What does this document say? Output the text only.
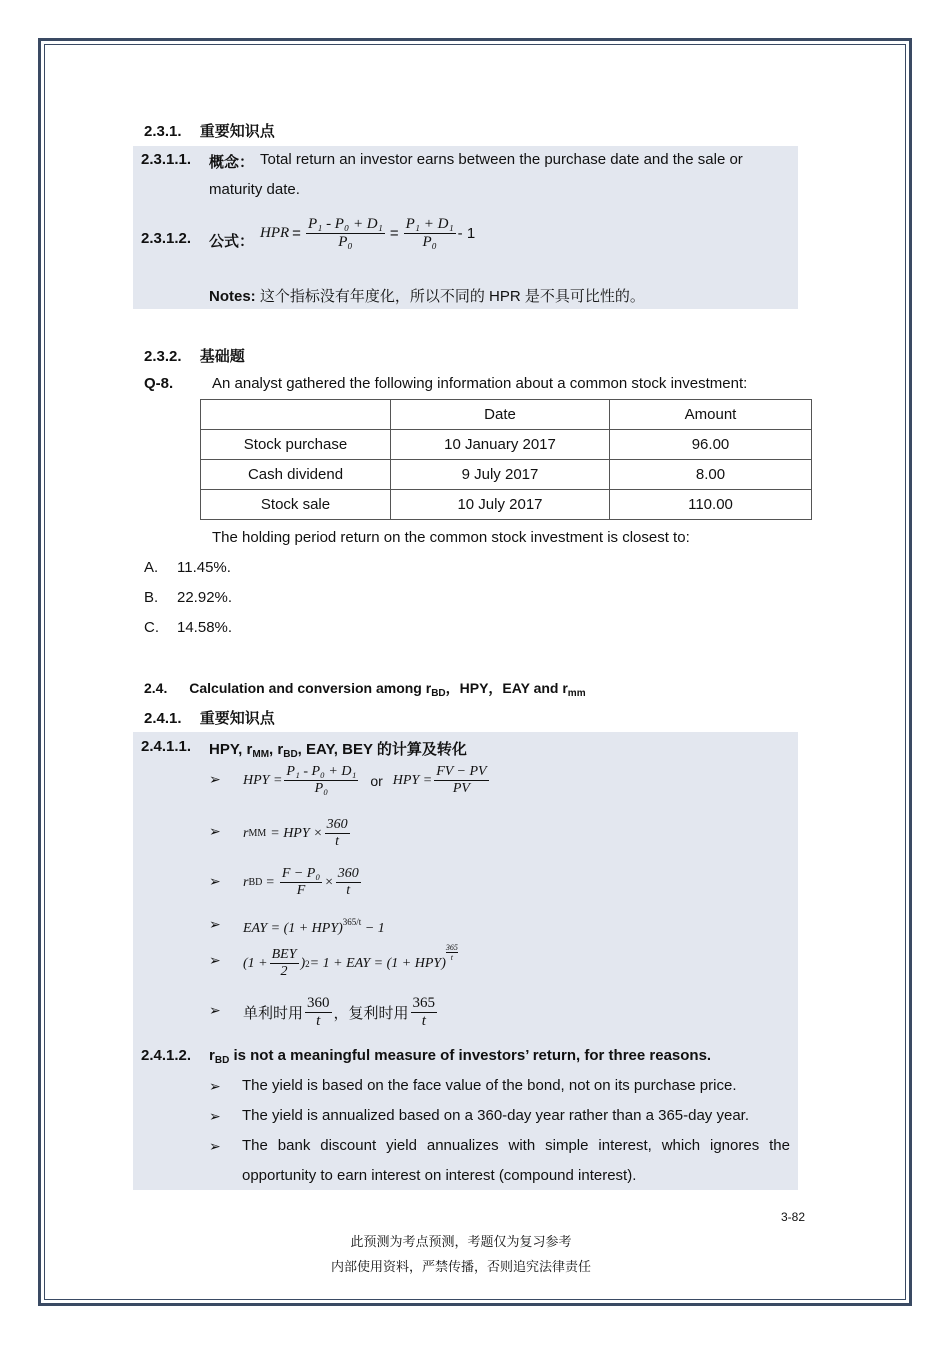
2.3.1. 重要知识点
2.3.1.1. 概念： Total return an investor earns between the purchase date and the sale or
maturity date.
2.3.1.2. 公式： HPR = $\frac{\text{P₁ - P₀ + D₁}}{\text{P₀}} = \frac{\text{P₁ + D₁}}{\text{P₀}} - 1$
Notes: 这个指标没有年度化，所以不同的 HPR 是不具可比性的。
2.3.2. 基础题
Q-8.	An analyst gathered the following information about a common stock investment:
	Date	Amount
Stock purchase	10 January 2017	96.00
Cash dividend	9 July 2017	8.00
Stock sale	10 July 2017	110.00
The holding period return on the common stock investment is closest to:
A. 11.45%.
B. 22.92%.
C. 14.58%.
2.4. Calculation and conversion among $r_{BD}$，HPY，EAY and $r_{mm}$
2.4.1. 重要知识点
2.4.1.1. HPY, $r_{MM}$, $r_{BD}$, EAY, BEY 的计算及转化
➢ HPY = $\frac{\text{P₁ - P₀ + D₁}}{\text{P₀}}$ or HPY = $\frac{FV - PV}{PV}$
➢ r MM = HPY × $\frac{360}{t}$
➢ r BD = $\frac{\text{F − P₀}}{F} \times \frac{360}{t}$
➢ EAY = (1 + HPY)$^{365/t}$ − 1
➢ ($1 + \frac{\text{BEY}}{2}$ ) 2 = 1 + EAY = (1 + HPY)
$\frac{365}{t}$
➢ 单利时用 $\frac{360}{t}$ ，复利时用 $\frac{365}{t}$
2.4.1.2. $r_{BD}$ is not a meaningful measure of investors’ return, for three reasons.
➢ The yield is based on the face value of the bond, not on its purchase price.
➢ The yield is annualized based on a 360-day year rather than a 365-day year.
➢ The bank discount yield annualizes with simple interest, which ignores the
opportunity to earn interest on interest (compound interest).
3-82
此预测为考点预测，考题仅为复习参考
内部使用资料，严禁传播，否则追究法律责任
